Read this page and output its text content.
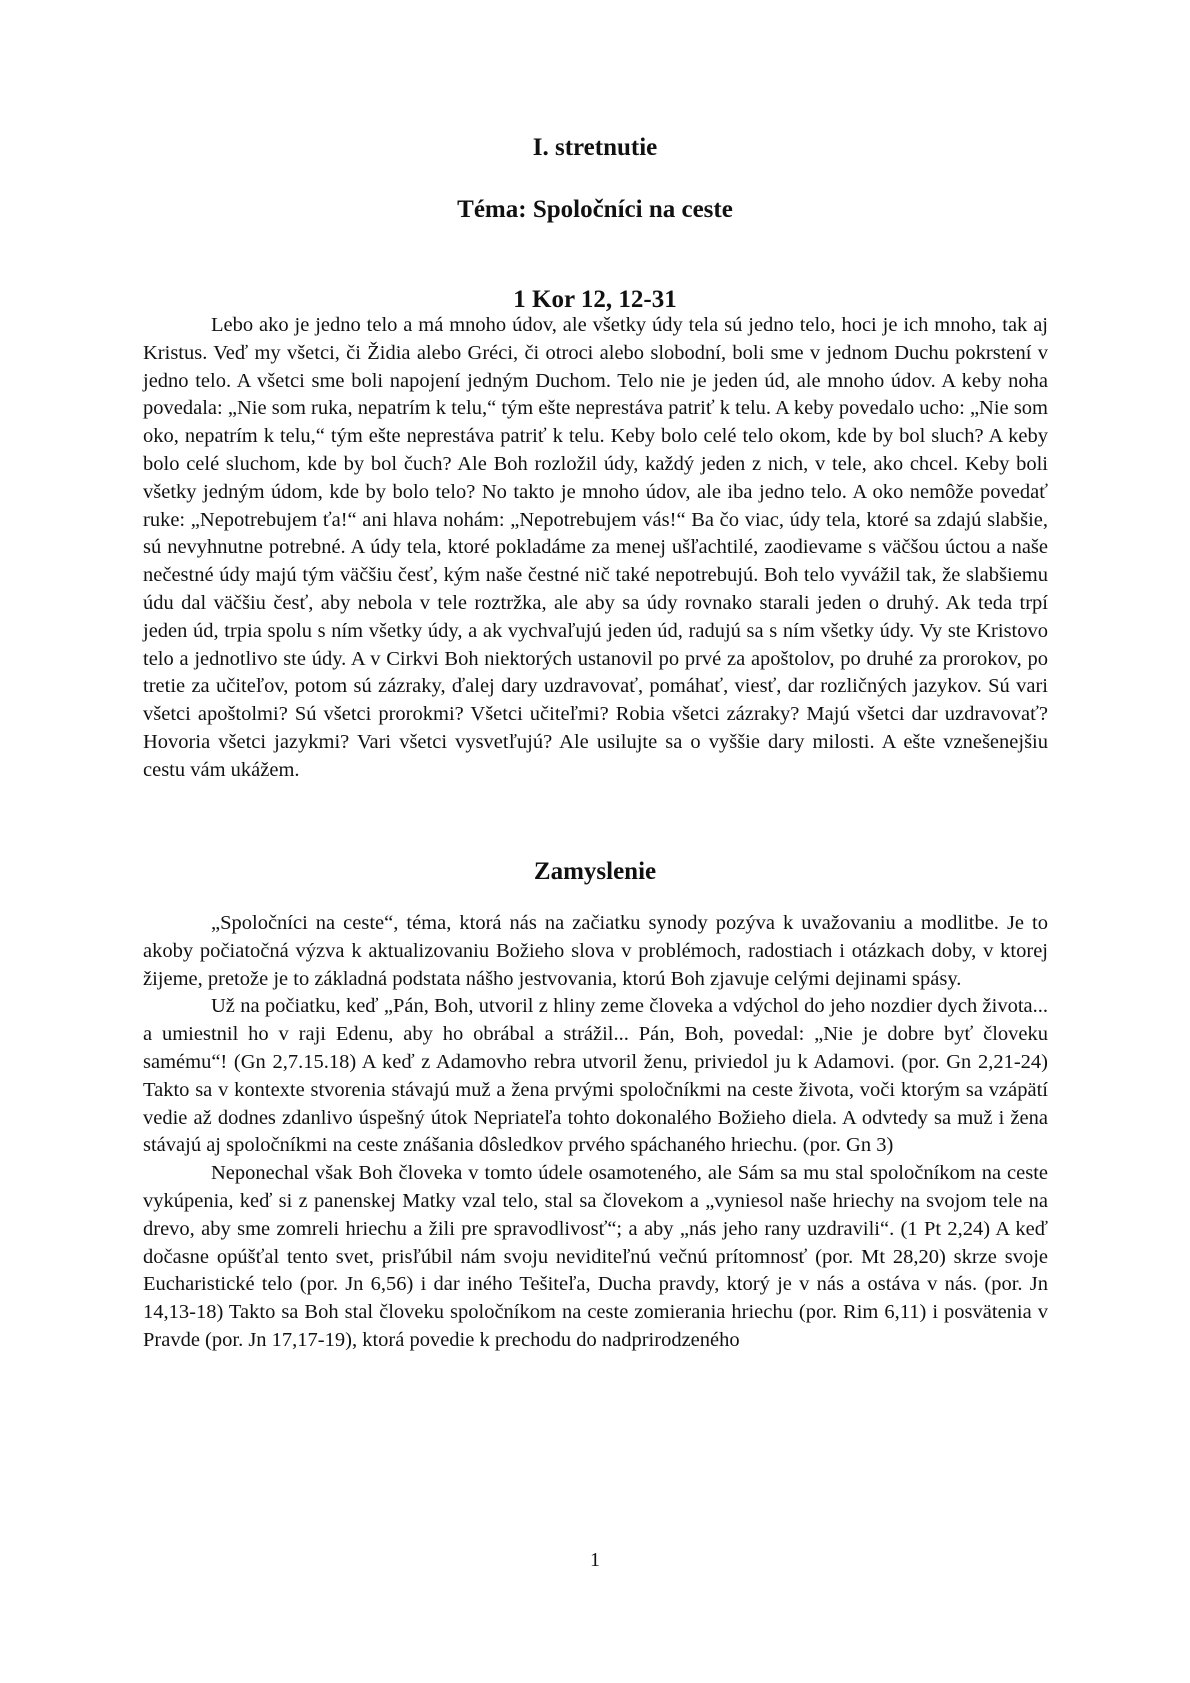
I. stretnutie
Téma: Spoločníci na ceste
1 Kor 12, 12-31

Lebo ako je jedno telo a má mnoho údov, ale všetky údy tela sú jedno telo, hoci je ich mnoho, tak aj Kristus. Veď my všetci, či Židia alebo Gréci, či otroci alebo slobodní, boli sme v jednom Duchu pokrstení v jedno telo. A všetci sme boli napojení jedným Duchom. Telo nie je jeden úd, ale mnoho údov. A keby noha povedala: „Nie som ruka, nepatrím k telu,“ tým ešte neprestáva patriť k telu. A keby povedalo ucho: „Nie som oko, nepatrím k telu,“ tým ešte neprestáva patriť k telu. Keby bolo celé telo okom, kde by bol sluch? A keby bolo celé sluchom, kde by bol čuch? Ale Boh rozložil údy, každý jeden z nich, v tele, ako chcel. Keby boli všetky jedným údom, kde by bolo telo? No takto je mnoho údov, ale iba jedno telo. A oko nemôže povedať ruke: „Nepotrebujem ťa!“ ani hlava nohám: „Nepotrebujem vás!“ Ba čo viac, údy tela, ktoré sa zdajú slabšie, sú nevyhnutne potrebné. A údy tela, ktoré pokladáme za menej ušľachtilé, zaodievame s väčšou úctou a naše nečestné údy majú tým väčšiu česť, kým naše čestné nič také nepotrebujú. Boh telo vyvážil tak, že slabšiemu údu dal väčšiu česť, aby nebola v tele roztržka, ale aby sa údy rovnako starali jeden o druhý. Ak teda trpí jeden úd, trpia spolu s ním všetky údy, a ak vychvaľujú jeden úd, radujú sa s ním všetky údy. Vy ste Kristovo telo a jednotlivo ste údy. A v Cirkvi Boh niektorých ustanovil po prvé za apoštolov, po druhé za prorokov, po tretie za učiteľov, potom sú zázraky, ďalej dary uzdravovať, pomáhať, viesť, dar rozličných jazykov. Sú vari všetci apoštolmi? Sú všetci prorokmi? Všetci učiteľmi? Robia všetci zázraky? Majú všetci dar uzdravovať? Hovoria všetci jazykmi? Vari všetci vysvetľujú? Ale usilujte sa o vyššie dary milosti. A ešte vznešenejšiu cestu vám ukážem.

Zamyslenie

„Spoločníci na ceste“, téma, ktorá nás na začiatku synody pozýva k uvažovaniu a modlitbe. Je to akoby počiatočná výzva k aktualizovaniu Božieho slova v problémoch, radostiach i otázkach doby, v ktorej žijeme, pretože je to základná podstata nášho jestvovania, ktorú Boh zjavuje celými dejinami spásy.

Už na počiatku, keď „Pán, Boh, utvoril z hliny zeme človeka a vdýchol do jeho nozdier dych života... a umiestnil ho v raji Edenu, aby ho obrábal a strážil... Pán, Boh, povedal: „Nie je dobre byť človeku samému“! (Gn 2,7.15.18) A keď z Adamovho rebra utvoril ženu, priviedol ju k Adamovi. (por. Gn 2,21-24) Takto sa v kontexte stvorenia stávajú muž a žena prvými spoločníkmi na ceste života, voči ktorým sa vzápätí vedie až dodnes zdanlivo úspešný útok Nepriateľa tohto dokonalého Božieho diela. A odvtedy sa muž i žena stávajú aj spoločníkmi na ceste znášania dôsledkov prvého spáchaného hriechu. (por. Gn 3)

Neponechal však Boh človeka v tomto údele osamoteného, ale Sám sa mu stal spoločníkom na ceste vykúpenia, keď si z panenskej Matky vzal telo, stal sa človekom a „vyniesol naše hriechy na svojom tele na drevo, aby sme zomreli hriechu a žili pre spravodlivosť“; a aby „nás jeho rany uzdravili“. (1 Pt 2,24) A keď dočasne opúšťal tento svet, prisľúbil nám svoju neviditeľnú večnú prítomnosť (por. Mt 28,20) skrze svoje Eucharistické telo (por. Jn 6,56) i dar iného Tešiteľa, Ducha pravdy, ktorý je v nás a ostáva v nás. (por. Jn 14,13-18) Takto sa Boh stal človeku spoločníkom na ceste zomierania hriechu (por. Rim 6,11) i posvätenia v Pravde (por. Jn 17,17-19), ktorá povedie k prechodu do nadprirodzeného

1
